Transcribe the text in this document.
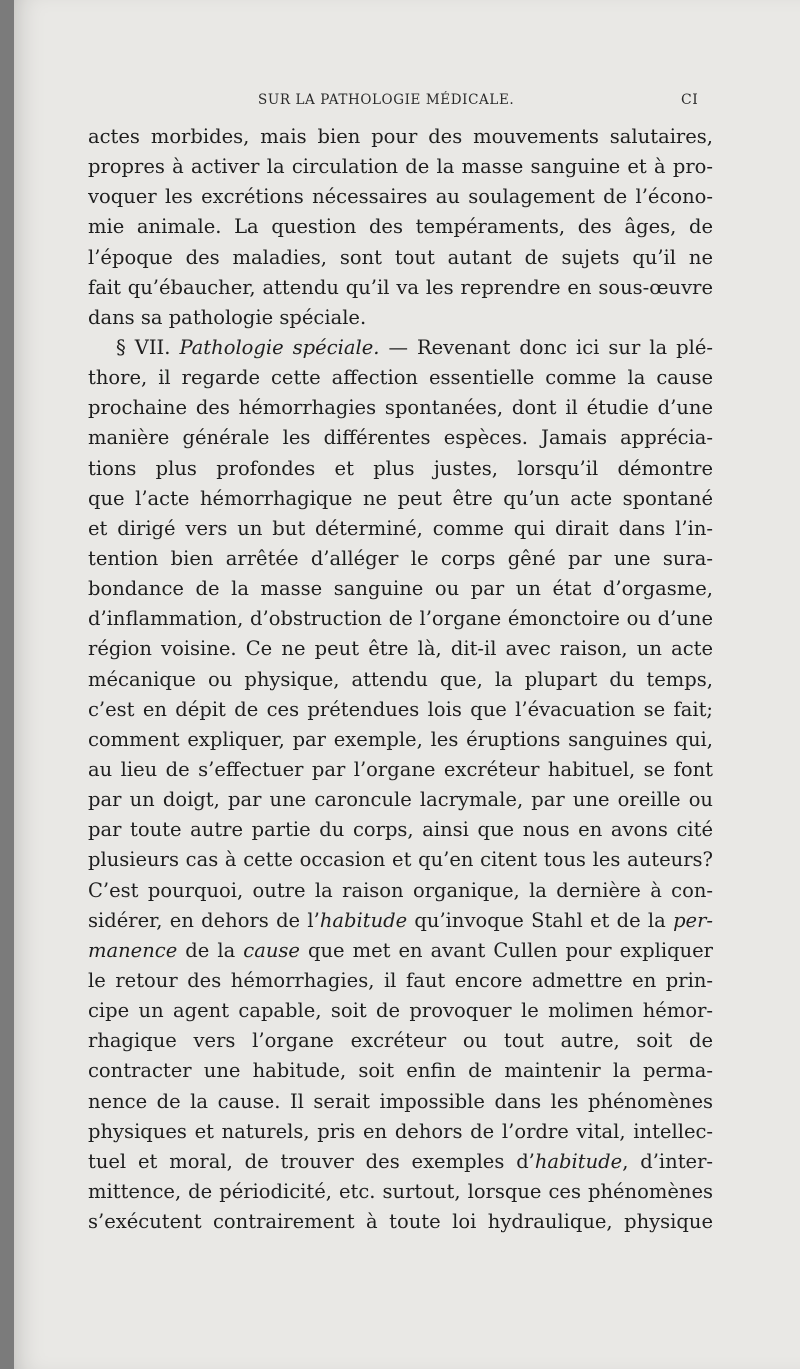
SUR LA PATHOLOGIE MÉDICALE.	CI
actes morbides, mais bien pour des mouvements salutaires,
propres à activer la circulation de la masse sanguine et à pro-
voquer les excrétions nécessaires au soulagement de l’écono-
mie animale. La question des tempéraments, des âges, de
l’époque des maladies, sont tout autant de sujets qu’il ne
fait qu’ébaucher, attendu qu’il va les reprendre en sous-œuvre
dans sa pathologie spéciale.
§ VII. Pathologie spéciale. — Revenant donc ici sur la plé-
thore, il regarde cette affection essentielle comme la cause
prochaine des hémorrhagies spontanées, dont il étudie d’une
manière générale les différentes espèces. Jamais apprécia-
tions plus profondes et plus justes, lorsqu’il démontre
que l’acte hémorrhagique ne peut être qu’un acte spontané
et dirigé vers un but déterminé, comme qui dirait dans l’in-
tention bien arrêtée d’alléger le corps gêné par une sura-
bondance de la masse sanguine ou par un état d’orgasme,
d’inflammation, d’obstruction de l’organe émonctoire ou d’une
région voisine. Ce ne peut être là, dit-il avec raison, un acte
mécanique ou physique, attendu que, la plupart du temps,
c’est en dépit de ces prétendues lois que l’évacuation se fait;
comment expliquer, par exemple, les éruptions sanguines qui,
au lieu de s’effectuer par l’organe excréteur habituel, se font
par un doigt, par une caroncule lacrymale, par une oreille ou
par toute autre partie du corps, ainsi que nous en avons cité
plusieurs cas à cette occasion et qu’en citent tous les auteurs?
C’est pourquoi, outre la raison organique, la dernière à con-
sidérer, en dehors de l’habitude qu’invoque Stahl et de la per-
manence de la cause que met en avant Cullen pour expliquer
le retour des hémorrhagies, il faut encore admettre en prin-
cipe un agent capable, soit de provoquer le molimen hémor-
rhagique vers l’organe excréteur ou tout autre, soit de
contracter une habitude, soit enfin de maintenir la perma-
nence de la cause. Il serait impossible dans les phénomènes
physiques et naturels, pris en dehors de l’ordre vital, intellec-
tuel et moral, de trouver des exemples d’habitude, d’inter-
mittence, de périodicité, etc. surtout, lorsque ces phénomènes
s’exécutent contrairement à toute loi hydraulique, physique
